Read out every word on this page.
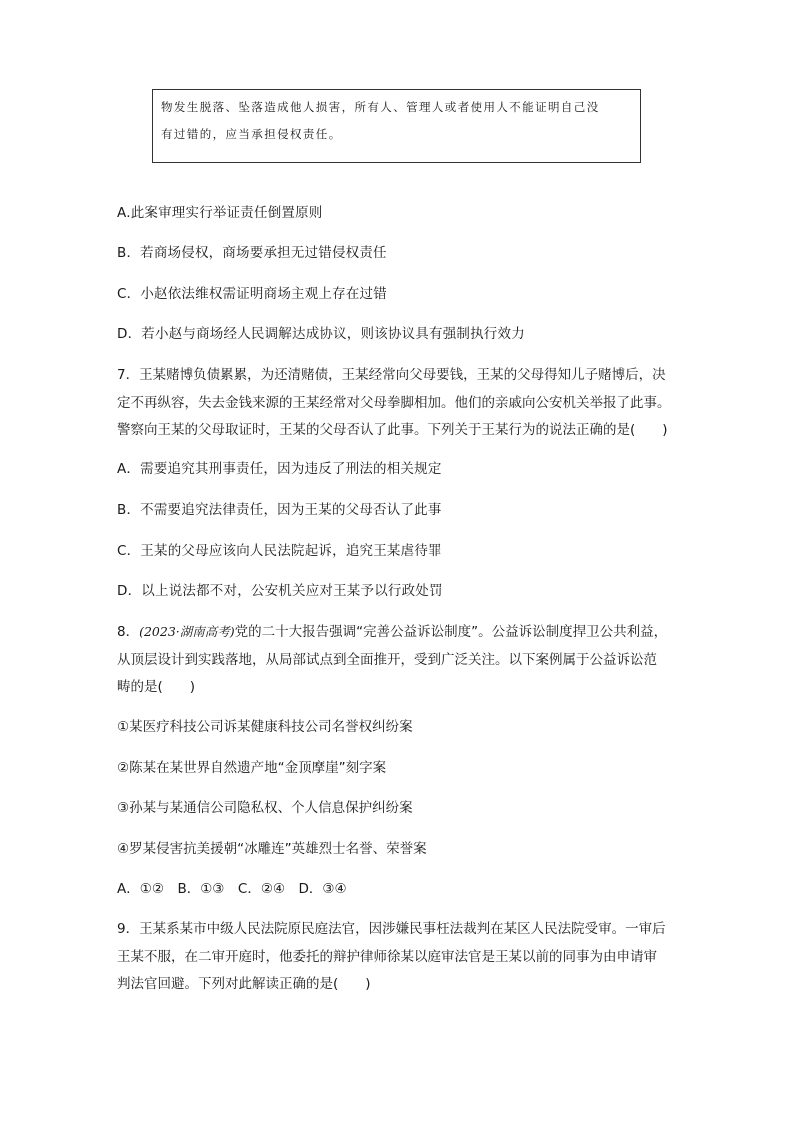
物发生脱落、坠落造成他人损害，所有人、管理人或者使用人不能证明自己没
有过错的，应当承担侵权责任。
A.此案审理实行举证责任倒置原则
B．若商场侵权，商场要承担无过错侵权责任
C．小赵依法维权需证明商场主观上存在过错
D．若小赵与商场经人民调解达成协议，则该协议具有强制执行效力
7．王某赌博负债累累，为还清赌债，王某经常向父母要钱，王某的父母得知儿子赌博后，决
定不再纵容，失去金钱来源的王某经常对父母拳脚相加。他们的亲戚向公安机关举报了此事。
警察向王某的父母取证时，王某的父母否认了此事。下列关于王某行为的说法正确的是(　　)
A．需要追究其刑事责任，因为违反了刑法的相关规定
B．不需要追究法律责任，因为王某的父母否认了此事
C．王某的父母应该向人民法院起诉，追究王某虐待罪
D．以上说法都不对，公安机关应对王某予以行政处罚
8．(2023·湖南高考)党的二十大报告强调“完善公益诉讼制度”。公益诉讼制度捍卫公共利益，
从顶层设计到实践落地，从局部试点到全面推开，受到广泛关注。以下案例属于公益诉讼范
畴的是(　　)
①某医疗科技公司诉某健康科技公司名誉权纠纷案
②陈某在某世界自然遗产地“金顶摩崖”刻字案
③孙某与某通信公司隐私权、个人信息保护纠纷案
④罗某侵害抗美援朝“冰雕连”英雄烈士名誉、荣誉案
A．①②　B．①③　C．②④　D．③④
9．王某系某市中级人民法院原民庭法官，因涉嫌民事枉法裁判在某区人民法院受审。一审后
王某不服，在二审开庭时，他委托的辩护律师徐某以庭审法官是王某以前的同事为由申请审
判法官回避。下列对此解读正确的是(　　)
